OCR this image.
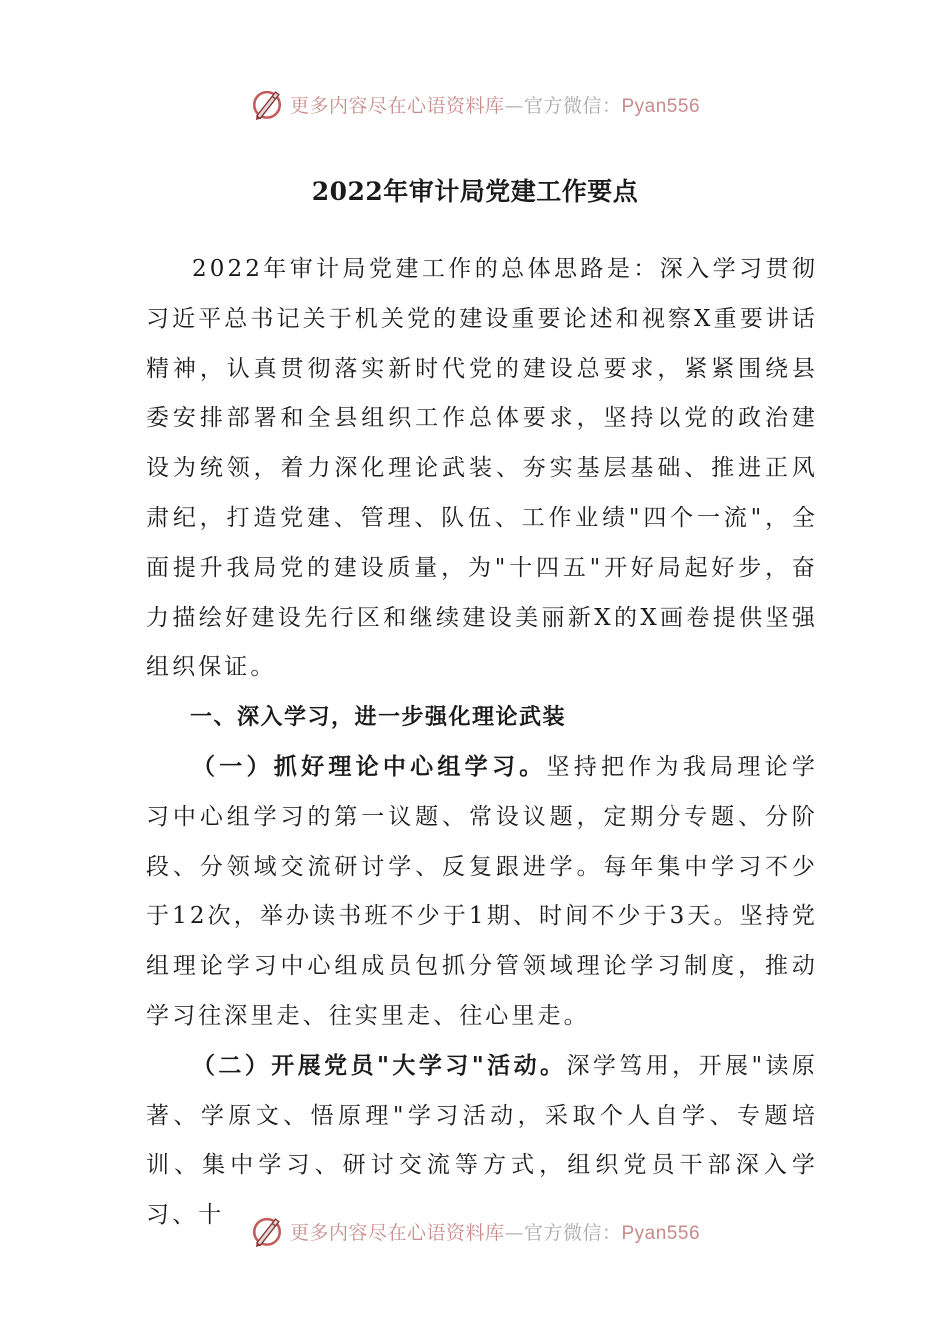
更多内容尽在心语资料库—官方微信：Pyan556
2022年审计局党建工作要点

2022年审计局党建工作的总体思路是：深入学习贯彻习近平总书记关于机关党的建设重要论述和视察X重要讲话精神，认真贯彻落实新时代党的建设总要求，紧紧围绕县委安排部署和全县组织工作总体要求，坚持以党的政治建设为统领，着力深化理论武装、夯实基层基础、推进正风肃纪，打造党建、管理、队伍、工作业绩"四个一流"，全面提升我局党的建设质量，为"十四五"开好局起好步，奋力描绘好建设先行区和继续建设美丽新X的X画卷提供坚强组织保证。

一、深入学习，进一步强化理论武装

（一）抓好理论中心组学习。坚持把作为我局理论学习中心组学习的第一议题、常设议题，定期分专题、分阶段、分领域交流研讨学、反复跟进学。每年集中学习不少于12次，举办读书班不少于1期、时间不少于3天。坚持党组理论学习中心组成员包抓分管领域理论学习制度，推动学习往深里走、往实里走、往心里走。

（二）开展党员"大学习"活动。深学笃用，开展"读原著、学原文、悟原理"学习活动，采取个人自学、专题培训、集中学习、研讨交流等方式，组织党员干部深入学习、十

更多内容尽在心语资料库—官方微信：Pyan556
